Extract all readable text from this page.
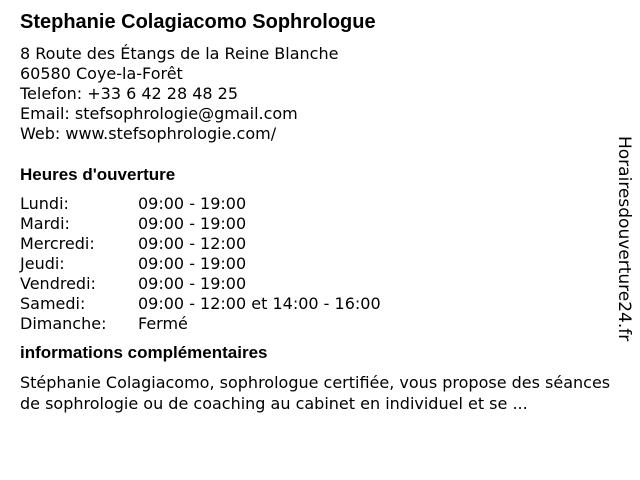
Stephanie Colagiacomo Sophrologue
8 Route des Étangs de la Reine Blanche
60580 Coye-la-Forêt
Telefon: +33 6 42 28 48 25
Email: stefsophrologie@gmail.com
Web: www.stefsophrologie.com/
Heures d'ouverture
Lundi:	09:00 - 19:00
Mardi:	09:00 - 19:00
Mercredi:	09:00 - 12:00
Jeudi:	09:00 - 19:00
Vendredi:	09:00 - 19:00
Samedi:	09:00 - 12:00 et 14:00 - 16:00
Dimanche:	Fermé
informations complémentaires
Stéphanie Colagiacomo, sophrologue certifiée, vous propose des séances de sophrologie ou de coaching au cabinet en individuel et se ...
Horairesdouverture24.fr
